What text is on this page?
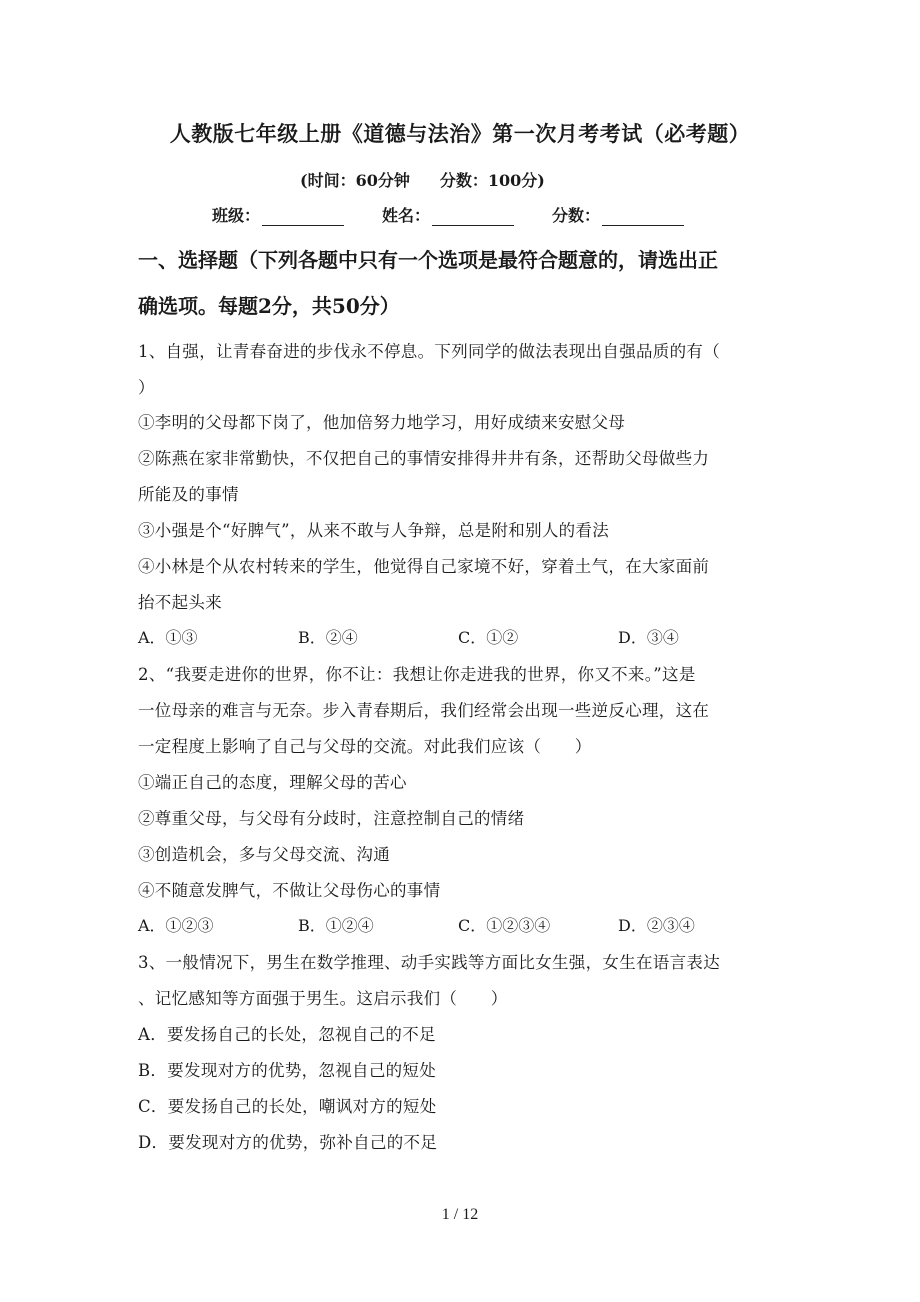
人教版七年级上册《道德与法治》第一次月考考试（必考题）
(时间：60分钟 分数：100分)
班级：	姓名：	分数：
一、选择题（下列各题中只有一个选项是最符合题意的，请选出正
确选项。每题2分，共50分）
1、自强，让青春奋进的步伐永不停息。下列同学的做法表现出自强品质的有（
）
①李明的父母都下岗了，他加倍努力地学习，用好成绩来安慰父母
②陈燕在家非常勤快，不仅把自己的事情安排得井井有条，还帮助父母做些力
所能及的事情
③小强是个“好脾气”，从来不敢与人争辩，总是附和别人的看法
④小林是个从农村转来的学生，他觉得自己家境不好，穿着土气，在大家面前
抬不起头来
A．①③	B．②④	C．①②	D．③④
2、“我要走进你的世界，你不让：我想让你走进我的世界，你又不来。”这是
一位母亲的难言与无奈。步入青春期后，我们经常会出现一些逆反心理，这在
一定程度上影响了自己与父母的交流。对此我们应该（　　）
①端正自己的态度，理解父母的苦心
②尊重父母，与父母有分歧时，注意控制自己的情绪
③创造机会，多与父母交流、沟通
④不随意发脾气，不做让父母伤心的事情
A．①②③	B．①②④	C．①②③④	D．②③④
3、一般情况下，男生在数学推理、动手实践等方面比女生强，女生在语言表达
、记忆感知等方面强于男生。这启示我们（　　）
A．要发扬自己的长处，忽视自己的不足
B．要发现对方的优势，忽视自己的短处
C．要发扬自己的长处，嘲讽对方的短处
D．要发现对方的优势，弥补自己的不足
1 / 12
